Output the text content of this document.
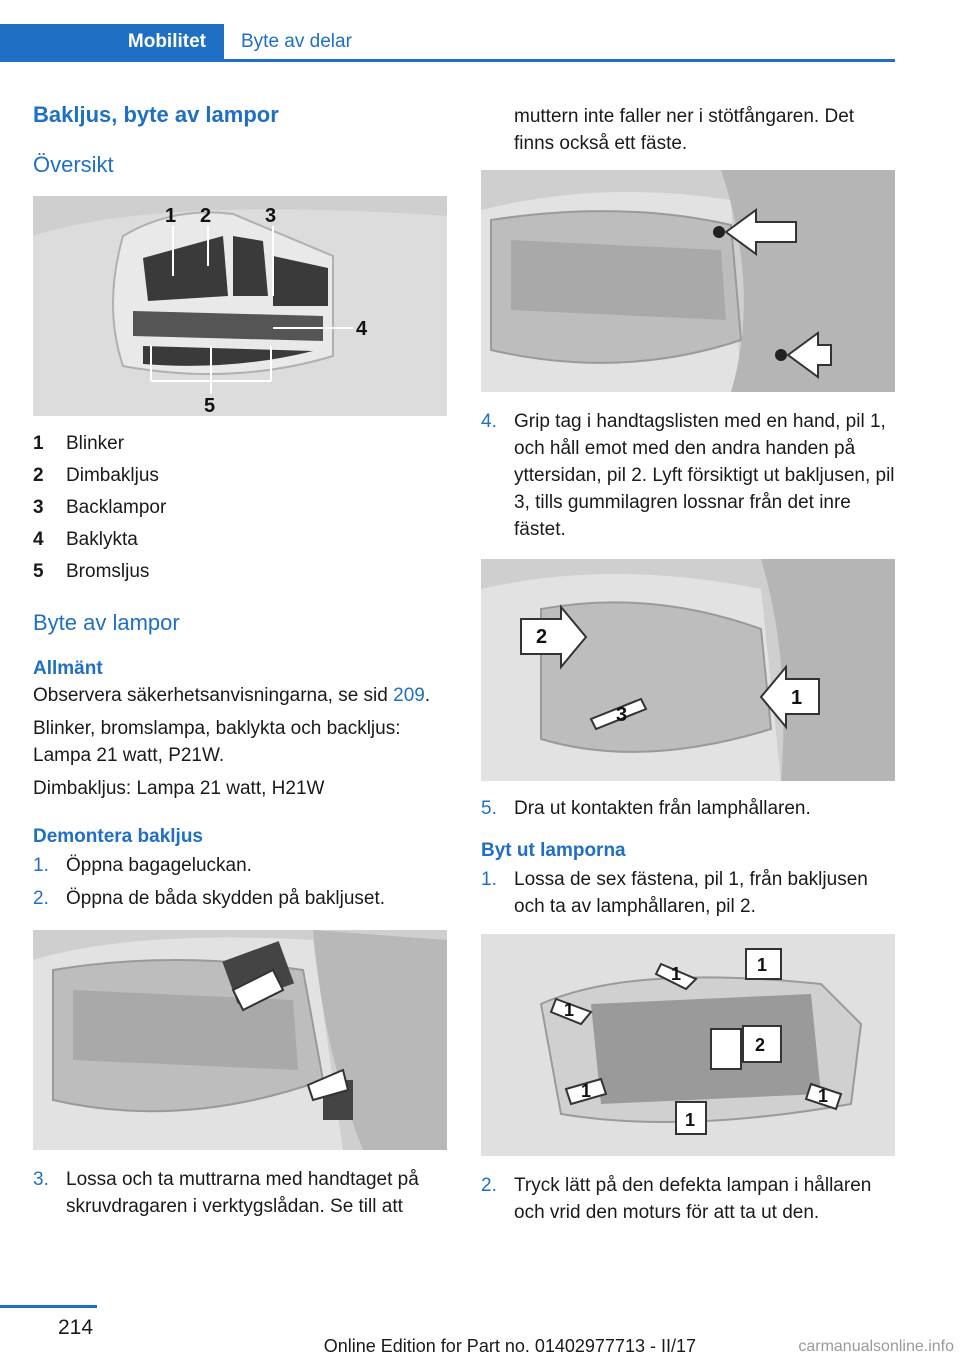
Mobilitet	Byte av delar
Bakljus, byte av lampor
Översikt
1 2	3
4
5
1	Blinker
2	Dimbakljus
3	Backlampor
4	Baklykta
5	Bromsljus
Byte av lampor
Allmänt

Observera säkerhetsanvisningarna, se sid 209.

Blinker, bromslampa, baklykta och backljus:
Lampa 21 watt, P21W.

Dimbakljus: Lampa 21 watt, H21W

Demontera bakljus
1. Öppna bagageluckan.
2. Öppna de båda skydden på bakljuset.
3. Lossa och ta muttrarna med handtaget på skruvdragaren i verktygslådan. Se till att

muttern inte faller ner i stötfångaren. Det finns också ett fäste.

4. Grip tag i handtagslisten med en hand, pil 1, och håll emot med den andra handen på yttersidan, pil 2. Lyft försiktigt ut bakljusen, pil 3, tills gummilagren lossnar från det inre fästet.
2
1
3
5. Dra ut kontakten från lamphållaren.
Byt ut lamporna
1. Lossa de sex fästena, pil 1, från bakljusen och ta av lamphållaren, pil 2.
1	1
1
1
1
1
2
2. Tryck lätt på den defekta lampan i hållaren och vrid den moturs för att ta ut den.
214
Online Edition for Part no. 01402977713 - II/17	carmanualsonline.info
